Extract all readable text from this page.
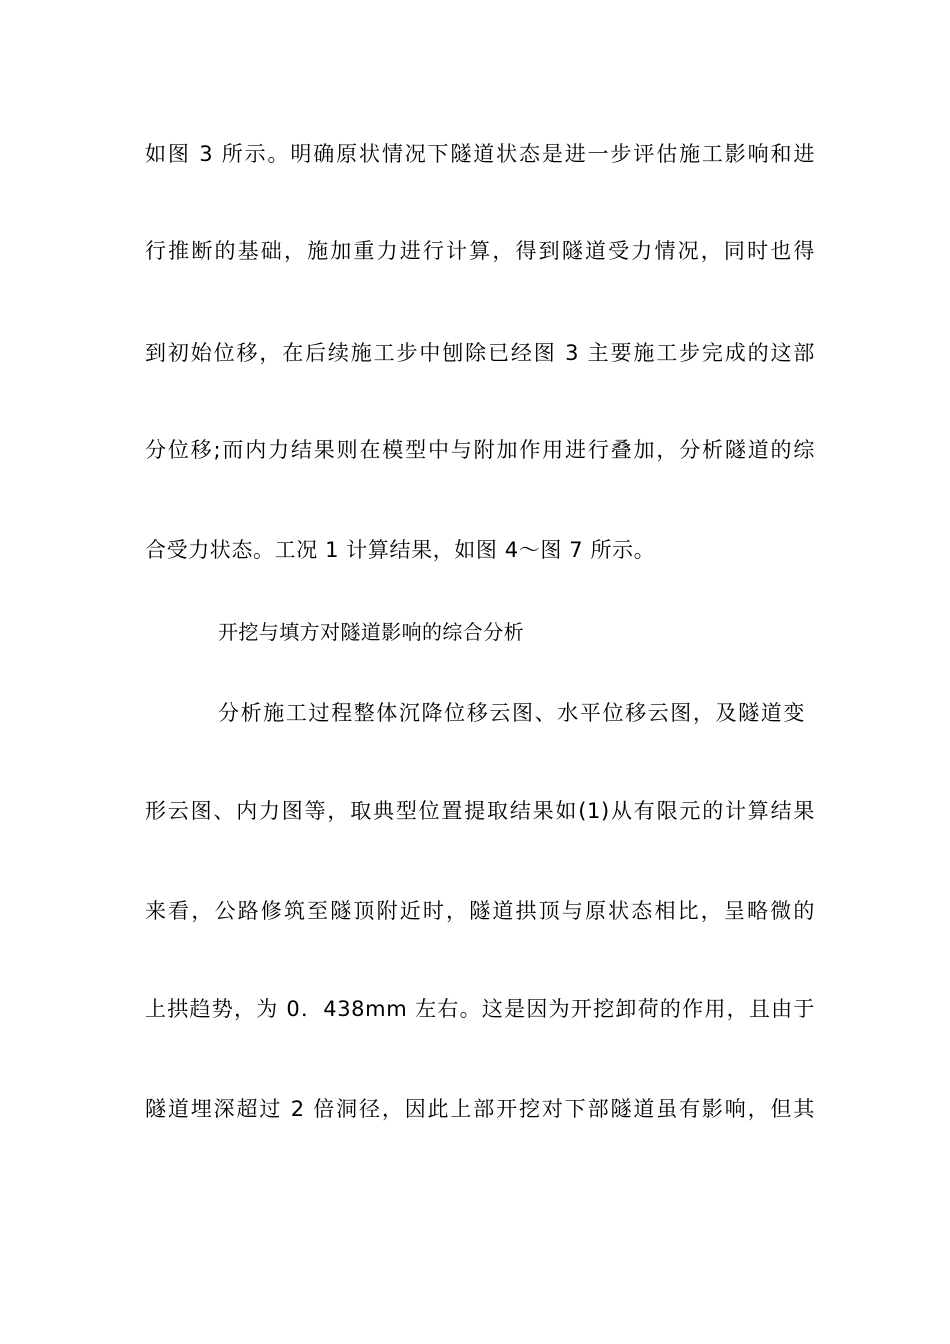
如图 3 所示。明确原状情况下隧道状态是进一步评估施工影响和进
行推断的基础，施加重力进行计算，得到隧道受力情况，同时也得
到初始位移，在后续施工步中刨除已经图 3 主要施工步完成的这部
分位移;而内力结果则在模型中与附加作用进行叠加，分析隧道的综
合受力状态。工况 1 计算结果，如图 4～图 7 所示。
开挖与填方对隧道影响的综合分析
分析施工过程整体沉降位移云图、水平位移云图，及隧道变
形云图、内力图等，取典型位置提取结果如(1)从有限元的计算结果
来看，公路修筑至隧顶附近时，隧道拱顶与原状态相比，呈略微的
上拱趋势，为 0．438mm 左右。这是因为开挖卸荷的作用，且由于
隧道埋深超过 2 倍洞径，因此上部开挖对下部隧道虽有影响，但其
